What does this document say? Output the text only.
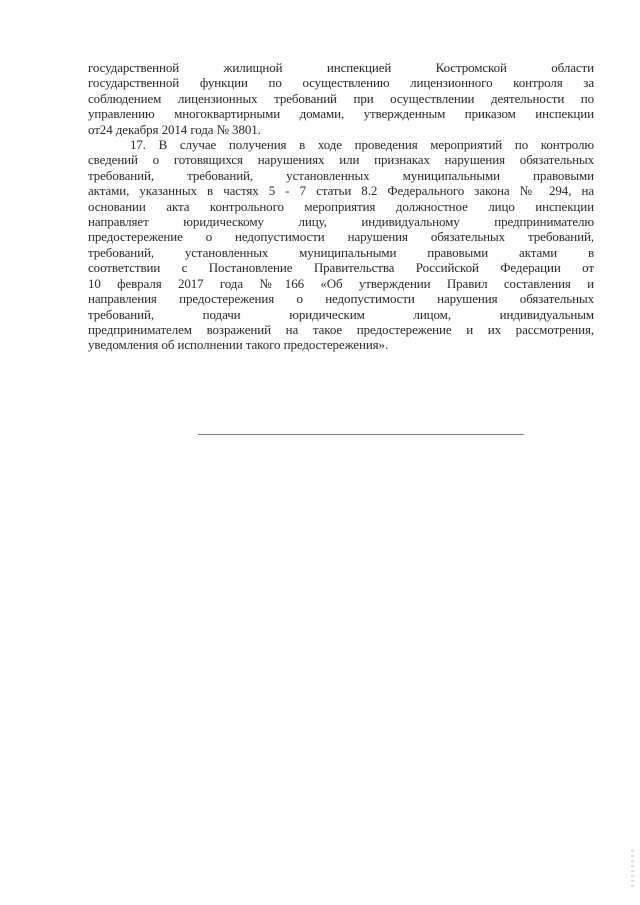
государственной жилищной инспекцией Костромской области
государственной функции по осуществлению лицензионного контроля за
соблюдением лицензионных требований при осуществлении деятельности по
управлению многоквартирными домами, утвержденным приказом инспекции
от24 декабря 2014 года № 3801.
17. В случае получения в ходе проведения мероприятий по контролю
сведений о готовящихся нарушениях или признаках нарушения обязательных
требований, требований, установленных муниципальными правовыми
актами, указанных в частях 5 - 7 статьи 8.2 Федерального закона № 294, на
основании акта контрольного мероприятия должностное лицо инспекции
направляет юридическому лицу, индивидуальному предпринимателю
предостережение о недопустимости нарушения обязательных требований,
требований, установленных муниципальными правовыми актами в
соответствии с Постановление Правительства Российской Федерации от
10 февраля 2017 года №166 «Об утверждении Правил составления и
направления предостережения о недопустимости нарушения обязательных
требований, подачи юридическим лицом, индивидуальным
предпринимателем возражений на такое предостережение и их рассмотрения,
уведомления об исполнении такого предостережения».
